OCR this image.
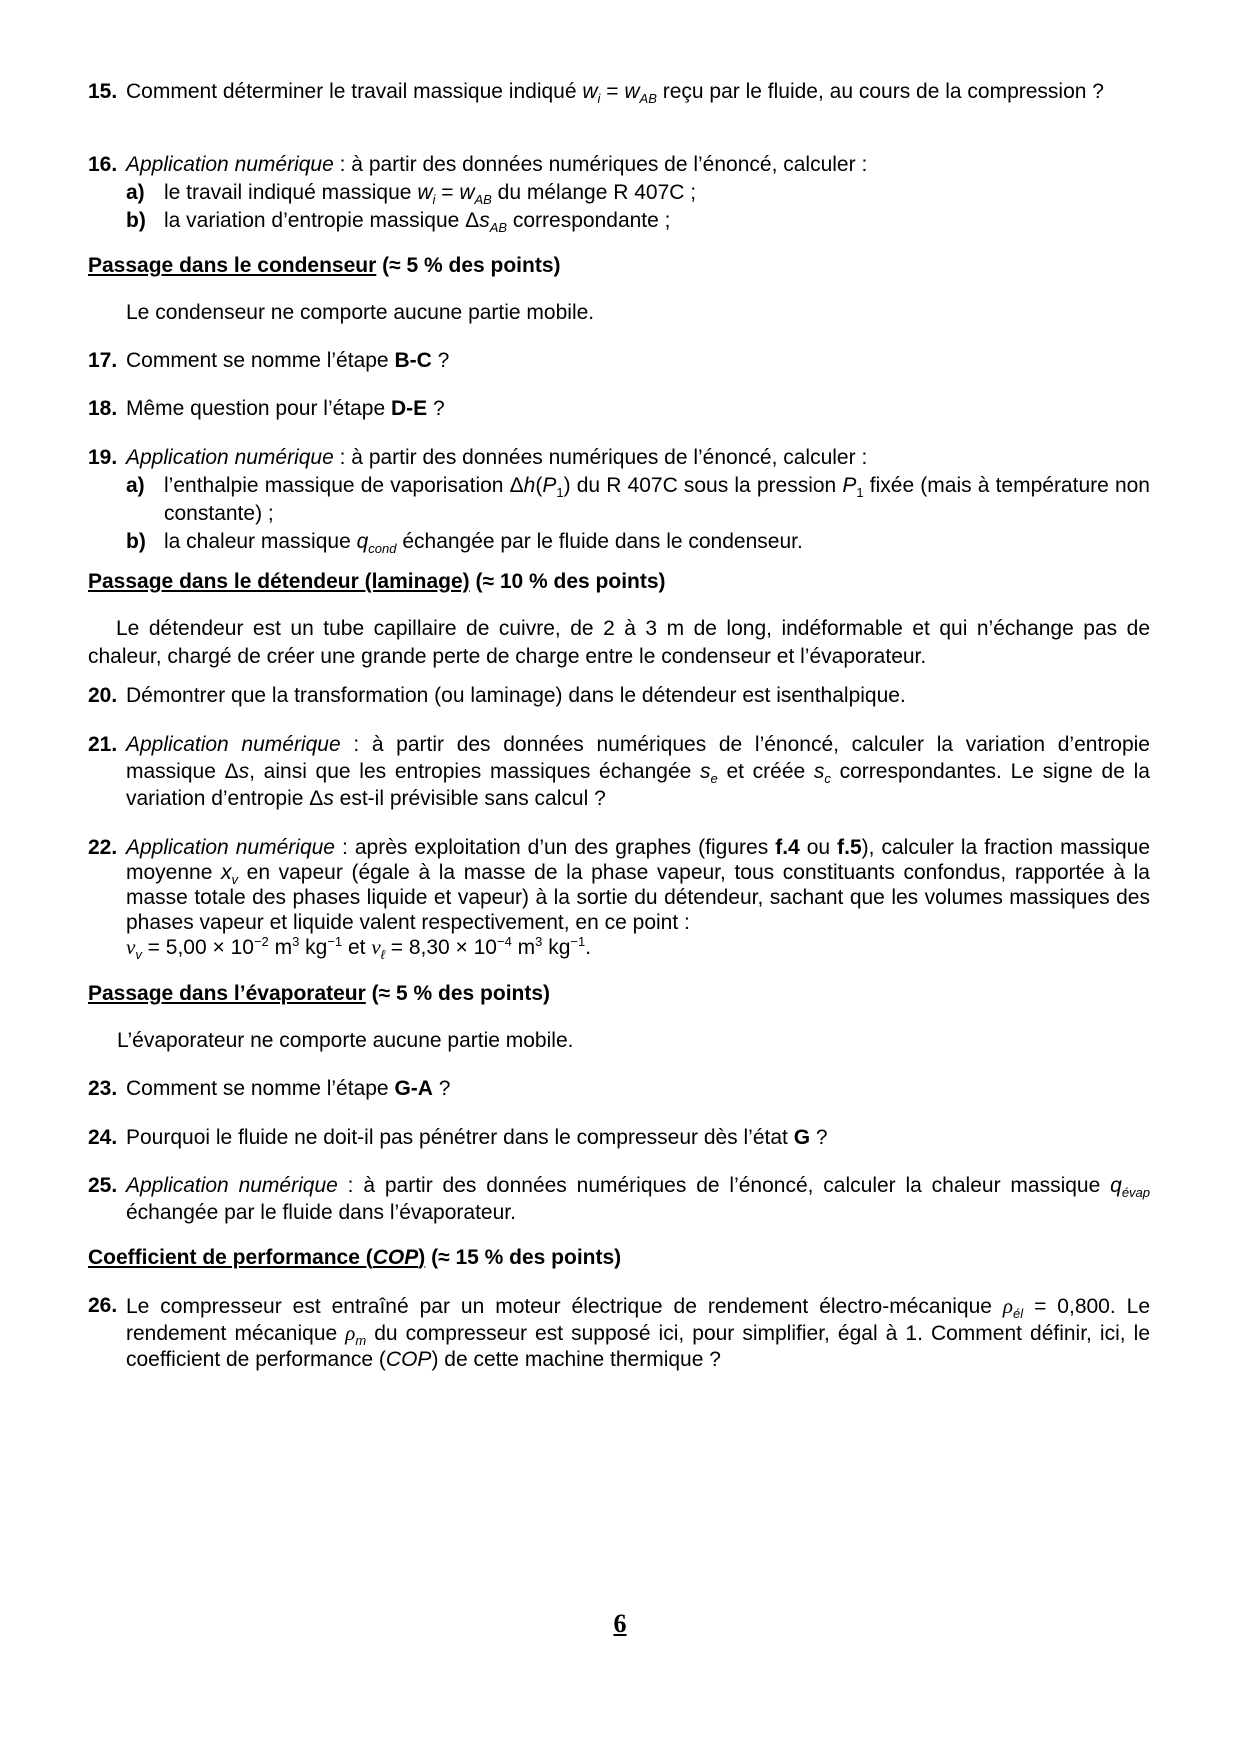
15. Comment déterminer le travail massique indiqué $w_i = w_{AB}$ reçu par le fluide, au cours de la compression ?
16. Application numérique : à partir des données numériques de l’énoncé, calculer :
a) le travail indiqué massique $w_i = w_{AB}$ du mélange R 407C ;
b) la variation d’entropie massique $\Delta s_{AB}$ correspondante ;
Passage dans le condenseur (≈ 5 % des points)
Le condenseur ne comporte aucune partie mobile.
17. Comment se nomme l’étape B-C ?
18. Même question pour l’étape D-E ?
19. Application numérique : à partir des données numériques de l’énoncé, calculer :
a) l’enthalpie massique de vaporisation $\Delta h(P_1)$ du R 407C sous la pression $P_1$ fixée (mais à température non constante) ;
b) la chaleur massique $q_{cond}$ échangée par le fluide dans le condenseur.
Passage dans le détendeur (laminage) (≈ 10 % des points)
Le détendeur est un tube capillaire de cuivre, de 2 à 3 m de long, indéformable et qui n’échange pas de chaleur, chargé de créer une grande perte de charge entre le condenseur et l’évaporateur.
20. Démontrer que la transformation (ou laminage) dans le détendeur est isenthalpique.
21. Application numérique : à partir des données numériques de l’énoncé, calculer la variation d’entropie massique Δs, ainsi que les entropies massiques échangée $s_e$ et créée $s_c$ correspondantes. Le signe de la variation d’entropie Δs est-il prévisible sans calcul ?
22. Application numérique : après exploitation d’un des graphes (figures f.4 ou f.5), calculer la fraction massique moyenne $x_v$ en vapeur (égale à la masse de la phase vapeur, tous constituants confondus, rapportée à la masse totale des phases liquide et vapeur) à la sortie du détendeur, sachant que les volumes massiques des phases vapeur et liquide valent respectivement, en ce point :
$v_v = 5,00 \times 10^{-2}$ $m^3$ $kg^{-1}$ et $v_\ell = 8,30 \times 10^{-4}$ $m^3$ $kg^{-1}$.
Passage dans l’évaporateur (≈ 5 % des points)
L’évaporateur ne comporte aucune partie mobile.
23. Comment se nomme l’étape G-A ?
24. Pourquoi le fluide ne doit-il pas pénétrer dans le compresseur dès l’état G ?
25. Application numérique : à partir des données numériques de l’énoncé, calculer la chaleur massique $q_{évap}$ échangée par le fluide dans l’évaporateur.
Coefficient de performance (COP) (≈ 15 % des points)
26. Le compresseur est entraîné par un moteur électrique de rendement électro-mécanique $\rho_{él} = 0,800$. Le rendement mécanique $\rho_m$ du compresseur est supposé ici, pour simplifier, égal à 1. Comment définir, ici, le coefficient de performance (COP) de cette machine thermique ?
6
